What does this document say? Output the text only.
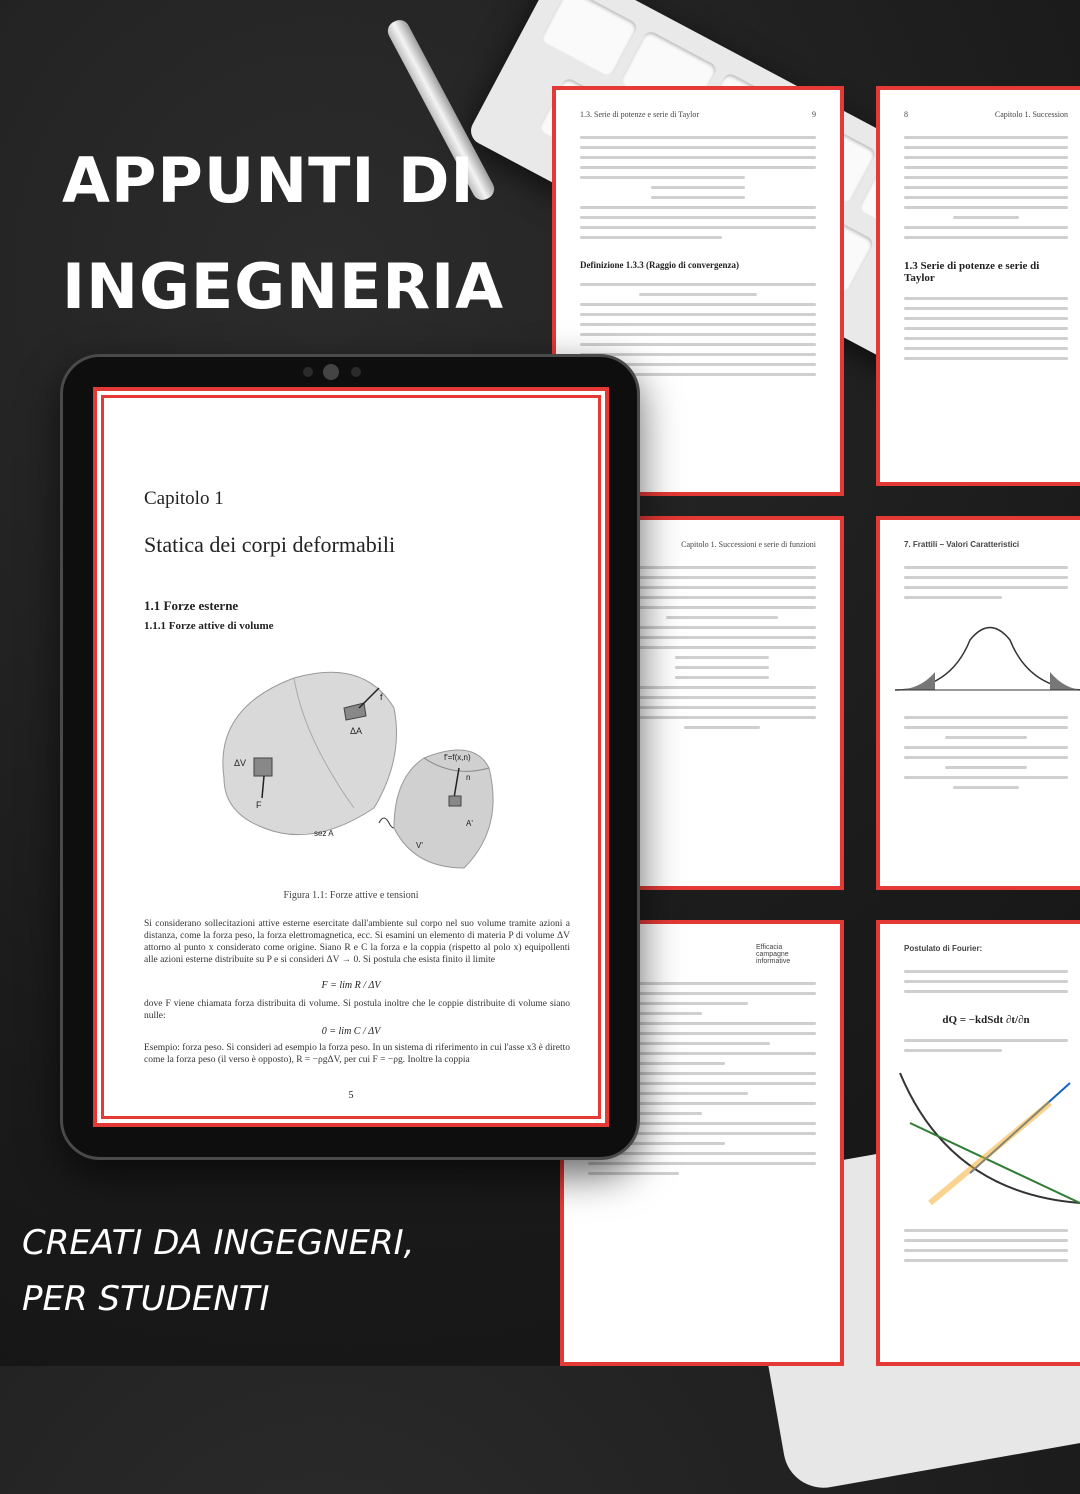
1.3. Serie di potenze e serie di Taylor	9
Definizione 1.3.3 (Raggio di convergenza)
8	Capitolo 1. Succession
1.3 Serie di potenze e serie di Taylor
Capitolo 1. Successioni e serie di funzioni	7. Frattili – Valori Caratteristici
Efficacia campagne informative
Postulato di Fourier:
dQ = −kdSdt ∂t/∂n
APPUNTI DI
INGEGNERIA
CREATI DA INGEGNERI,
PER STUDENTI
Capitolo 1
Statica dei corpi deformabili
1.1 Forze esterne
1.1.1 Forze attive di volume
ΔA
f
ΔV
F
sez A
f'=f(x,n)
n
A'
V'
Figura 1.1: Forze attive e tensioni
Si considerano sollecitazioni attive esterne esercitate dall'ambiente sul corpo nel suo volume tramite azioni a distanza, come la forza peso, la forza elettromagnetica, ecc. Si esamini un elemento di materia P di volume ΔV attorno al punto x considerato come origine. Siano R e C la forza e la coppia (rispetto al polo x) equipollenti alle azioni esterne distribuite su P e si consideri ΔV → 0. Si postula che esista finito il limite
F = lim R / ΔV
dove F viene chiamata forza distribuita di volume. Si postula inoltre che le coppie distribuite di volume siano nulle:
0 = lim C / ΔV
Esempio: forza peso. Si consideri ad esempio la forza peso. In un sistema di riferimento in cui l'asse x3 è diretto come la forza peso (il verso è opposto), R = −ρgΔV, per cui F = −ρg. Inoltre la coppia
5
